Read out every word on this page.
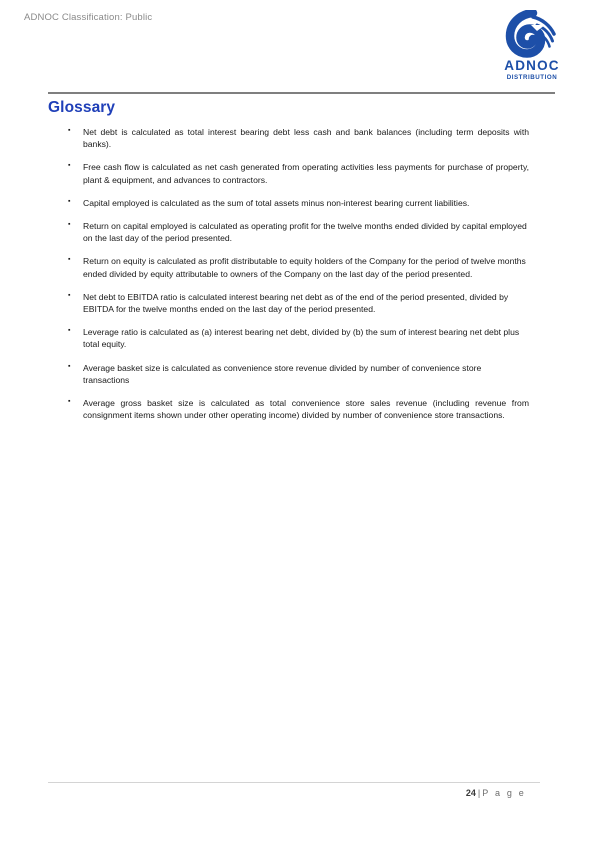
ADNOC Classification: Public
ADNOC
DISTRIBUTION
Glossary
▪ Net debt is calculated as total interest bearing debt less cash and bank balances (including term deposits with banks).
▪ Free cash flow is calculated as net cash generated from operating activities less payments for purchase of property, plant & equipment, and advances to contractors.
▪ Capital employed is calculated as the sum of total assets minus non-interest bearing current liabilities.
▪ Return on capital employed is calculated as operating profit for the twelve months ended divided by capital employed on the last day of the period presented.
▪ Return on equity is calculated as profit distributable to equity holders of the Company for the period of twelve months ended divided by equity attributable to owners of the Company on the last day of the period presented.
▪ Net debt to EBITDA ratio is calculated interest bearing net debt as of the end of the period presented, divided by EBITDA for the twelve months ended on the last day of the period presented.
▪ Leverage ratio is calculated as (a) interest bearing net debt, divided by (b) the sum of interest bearing net debt plus total equity.
▪ Average basket size is calculated as convenience store revenue divided by number of convenience store transactions
▪ Average gross basket size is calculated as total convenience store sales revenue (including revenue from consignment items shown under other operating income) divided by number of convenience store transactions.
24 | P a g e
